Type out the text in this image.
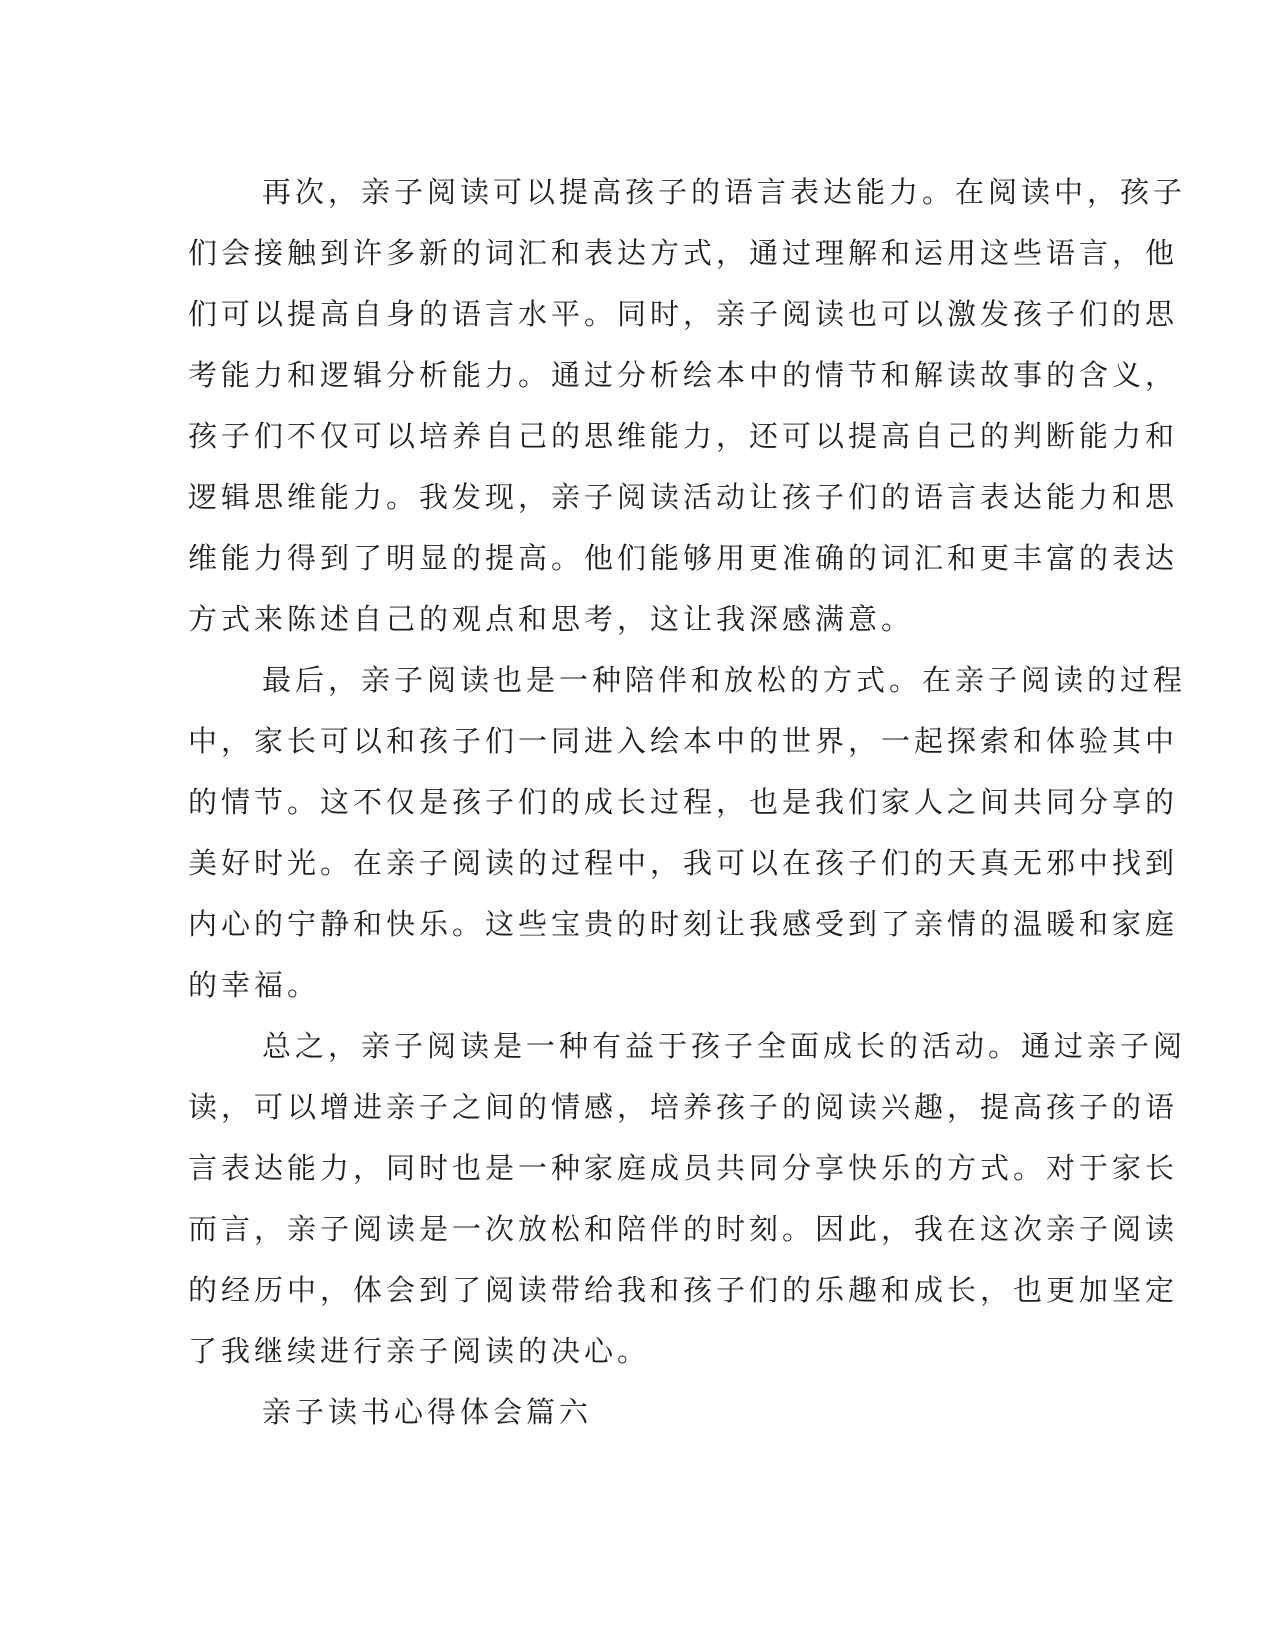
再次，亲子阅读可以提高孩子的语言表达能力。在阅读中，孩子
们会接触到许多新的词汇和表达方式，通过理解和运用这些语言，他
们可以提高自身的语言水平。同时，亲子阅读也可以激发孩子们的思
考能力和逻辑分析能力。通过分析绘本中的情节和解读故事的含义，
孩子们不仅可以培养自己的思维能力，还可以提高自己的判断能力和
逻辑思维能力。我发现，亲子阅读活动让孩子们的语言表达能力和思
维能力得到了明显的提高。他们能够用更准确的词汇和更丰富的表达
方式来陈述自己的观点和思考，这让我深感满意。
最后，亲子阅读也是一种陪伴和放松的方式。在亲子阅读的过程
中，家长可以和孩子们一同进入绘本中的世界，一起探索和体验其中
的情节。这不仅是孩子们的成长过程，也是我们家人之间共同分享的
美好时光。在亲子阅读的过程中，我可以在孩子们的天真无邪中找到
内心的宁静和快乐。这些宝贵的时刻让我感受到了亲情的温暖和家庭
的幸福。
总之，亲子阅读是一种有益于孩子全面成长的活动。通过亲子阅
读，可以增进亲子之间的情感，培养孩子的阅读兴趣，提高孩子的语
言表达能力，同时也是一种家庭成员共同分享快乐的方式。对于家长
而言，亲子阅读是一次放松和陪伴的时刻。因此，我在这次亲子阅读
的经历中，体会到了阅读带给我和孩子们的乐趣和成长，也更加坚定
了我继续进行亲子阅读的决心。
亲子读书心得体会篇六
